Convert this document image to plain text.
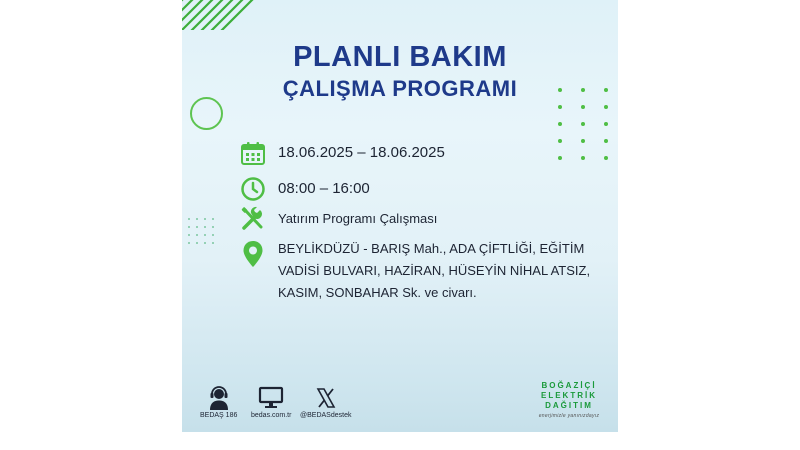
PLANLI BAKIM
ÇALIŞMA PROGRAMI
18.06.2025 – 18.06.2025
08:00 – 16:00
Yatırım Programı Çalışması
BEYLİKDÜZÜ - BARIŞ Mah., ADA ÇİFTLİĞİ, EĞİTİM VADİSİ BULVARI, HAZİRAN, HÜSEYİN NİHAL ATSIZ, KASIM, SONBAHAR Sk. ve civarı.
BEDAŞ 186 bedas.com.tr @BEDASdestek
BOĞAZİÇİ
ELEKTRİK
DAĞITIM
enerjimizle yanınızdayız
